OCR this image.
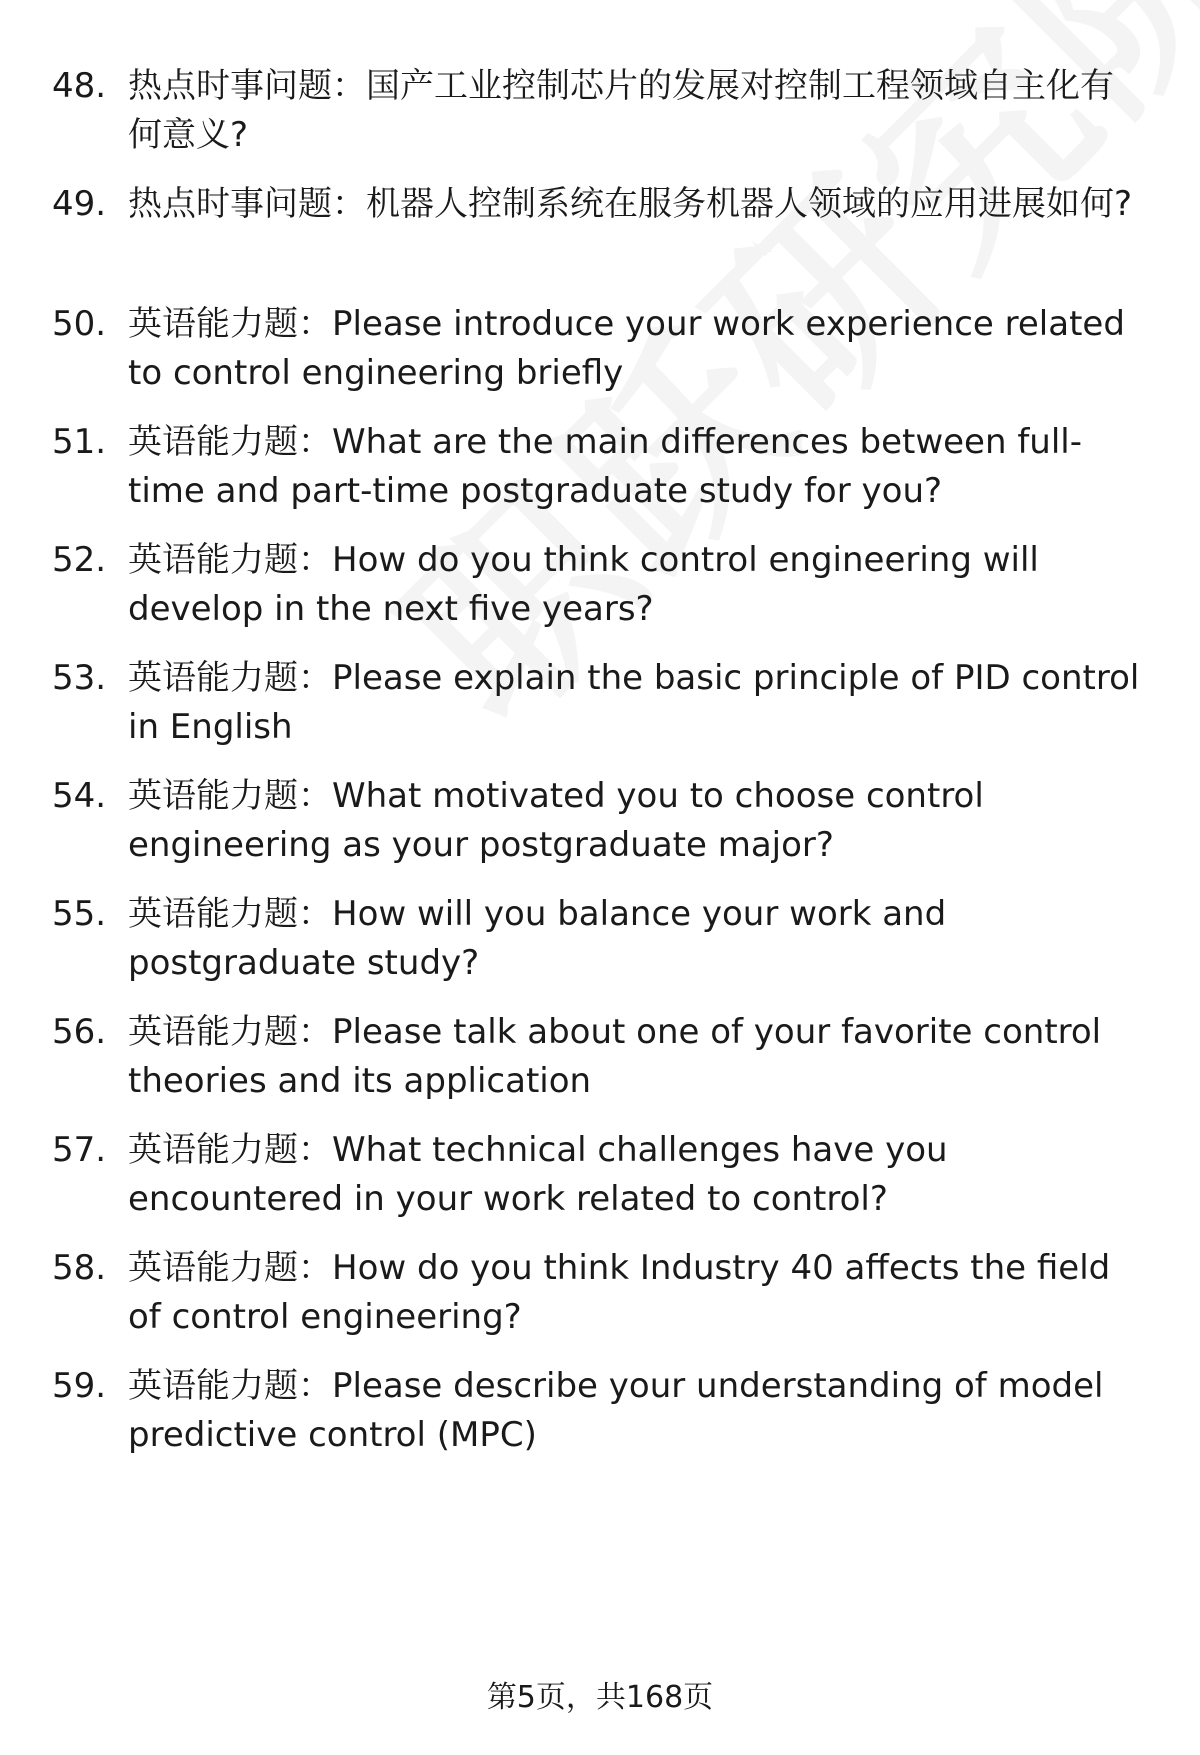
48. 热点时事问题：国产工业控制芯片的发展对控制工程领域自主化有何意义?
49. 热点时事问题：机器人控制系统在服务机器人领域的应用进展如何?
50. 英语能力题：Please introduce your work experience related to control engineering briefly
51. 英语能力题：What are the main differences between full-time and part-time postgraduate study for you?
52. 英语能力题：How do you think control engineering will develop in the next five years?
53. 英语能力题：Please explain the basic principle of PID control in English
54. 英语能力题：What motivated you to choose control engineering as your postgraduate major?
55. 英语能力题：How will you balance your work and postgraduate study?
56. 英语能力题：Please talk about one of your favorite control theories and its application
57. 英语能力题：What technical challenges have you encountered in your work related to control?
58. 英语能力题：How do you think Industry 40 affects the field of control engineering?
59. 英语能力题：Please describe your understanding of model predictive control (MPC)
第5页，共168页
